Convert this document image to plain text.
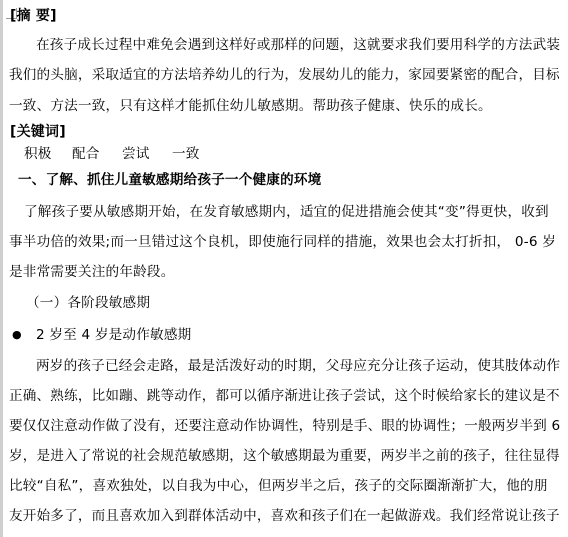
[摘 要]
在孩子成长过程中难免会遇到这样好或那样的问题，这就要求我们要用科学的方法武装
我们的头脑，采取适宜的方法培养幼儿的行为，发展幼儿的能力，家园要紧密的配合，目标
一致、方法一致，只有这样才能抓住幼儿敏感期。帮助孩子健康、快乐的成长。
[关键词]
积极 配合 尝试 一致
一、了解、抓住儿童敏感期给孩子一个健康的环境
了解孩子要从敏感期开始，在发育敏感期内，适宜的促进措施会使其“变”得更快，收到
事半功倍的效果;而一旦错过这个良机，即使施行同样的措施，效果也会太打折扣， 0-6 岁
是非常需要关注的年龄段。
（一）各阶段敏感期
● 2 岁至 4 岁是动作敏感期
两岁的孩子已经会走路，最是活泼好动的时期，父母应充分让孩子运动，使其肢体动作
正确、熟练，比如蹦、跳等动作，都可以循序渐进让孩子尝试，这个时候给家长的建议是不
要仅仅注意动作做了没有，还要注意动作协调性，特别是手、眼的协调性；一般两岁半到 6
岁，是进入了常说的社会规范敏感期，这个敏感期最为重要，两岁半之前的孩子，往往显得
比较“自私”，喜欢独处，以自我为中心，但两岁半之后，孩子的交际圈渐渐扩大，他的朋
友开始多了，而且喜欢加入到群体活动中，喜欢和孩子们在一起做游戏。我们经常说让孩子
